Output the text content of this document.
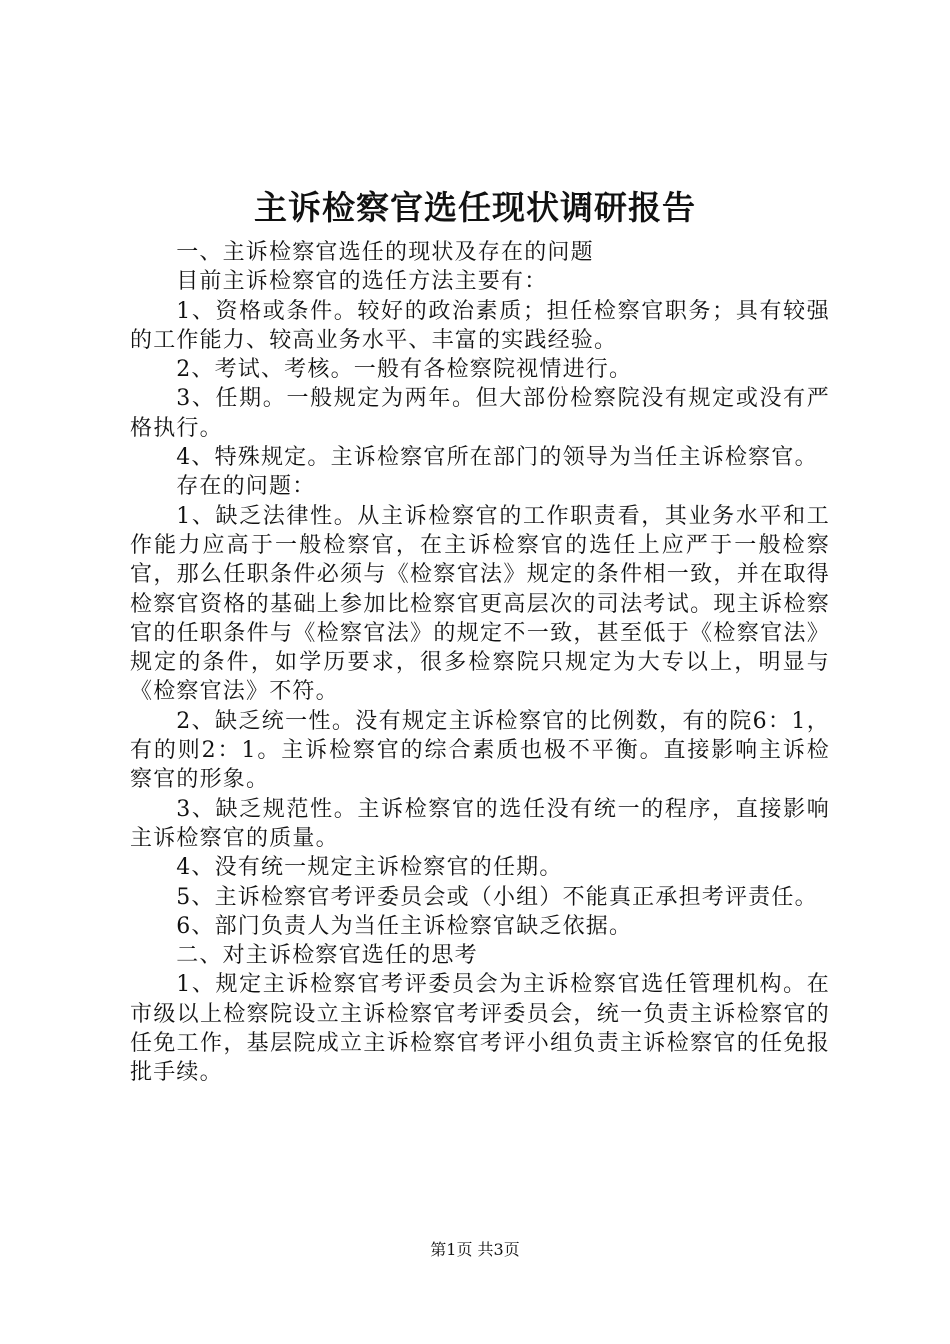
主诉检察官选任现状调研报告

一、主诉检察官选任的现状及存在的问题

目前主诉检察官的选任方法主要有：

1、资格或条件。较好的政治素质；担任检察官职务；具有较强的工作能力、较高业务水平、丰富的实践经验。

2、考试、考核。一般有各检察院视情进行。

3、任期。一般规定为两年。但大部份检察院没有规定或没有严格执行。

4、特殊规定。主诉检察官所在部门的领导为当任主诉检察官。

存在的问题：

1、缺乏法律性。从主诉检察官的工作职责看，其业务水平和工作能力应高于一般检察官，在主诉检察官的选任上应严于一般检察官，那么任职条件必须与《检察官法》规定的条件相一致，并在取得检察官资格的基础上参加比检察官更高层次的司法考试。现主诉检察官的任职条件与《检察官法》的规定不一致，甚至低于《检察官法》规定的条件，如学历要求，很多检察院只规定为大专以上，明显与《检察官法》不符。

2、缺乏统一性。没有规定主诉检察官的比例数，有的院6：1，有的则2：1。主诉检察官的综合素质也极不平衡。直接影响主诉检察官的形象。

3、缺乏规范性。主诉检察官的选任没有统一的程序，直接影响主诉检察官的质量。

4、没有统一规定主诉检察官的任期。

5、主诉检察官考评委员会或（小组）不能真正承担考评责任。

6、部门负责人为当任主诉检察官缺乏依据。

二、对主诉检察官选任的思考

1、规定主诉检察官考评委员会为主诉检察官选任管理机构。在市级以上检察院设立主诉检察官考评委员会，统一负责主诉检察官的任免工作，基层院成立主诉检察官考评小组负责主诉检察官的任免报批手续。

第1页 共3页
